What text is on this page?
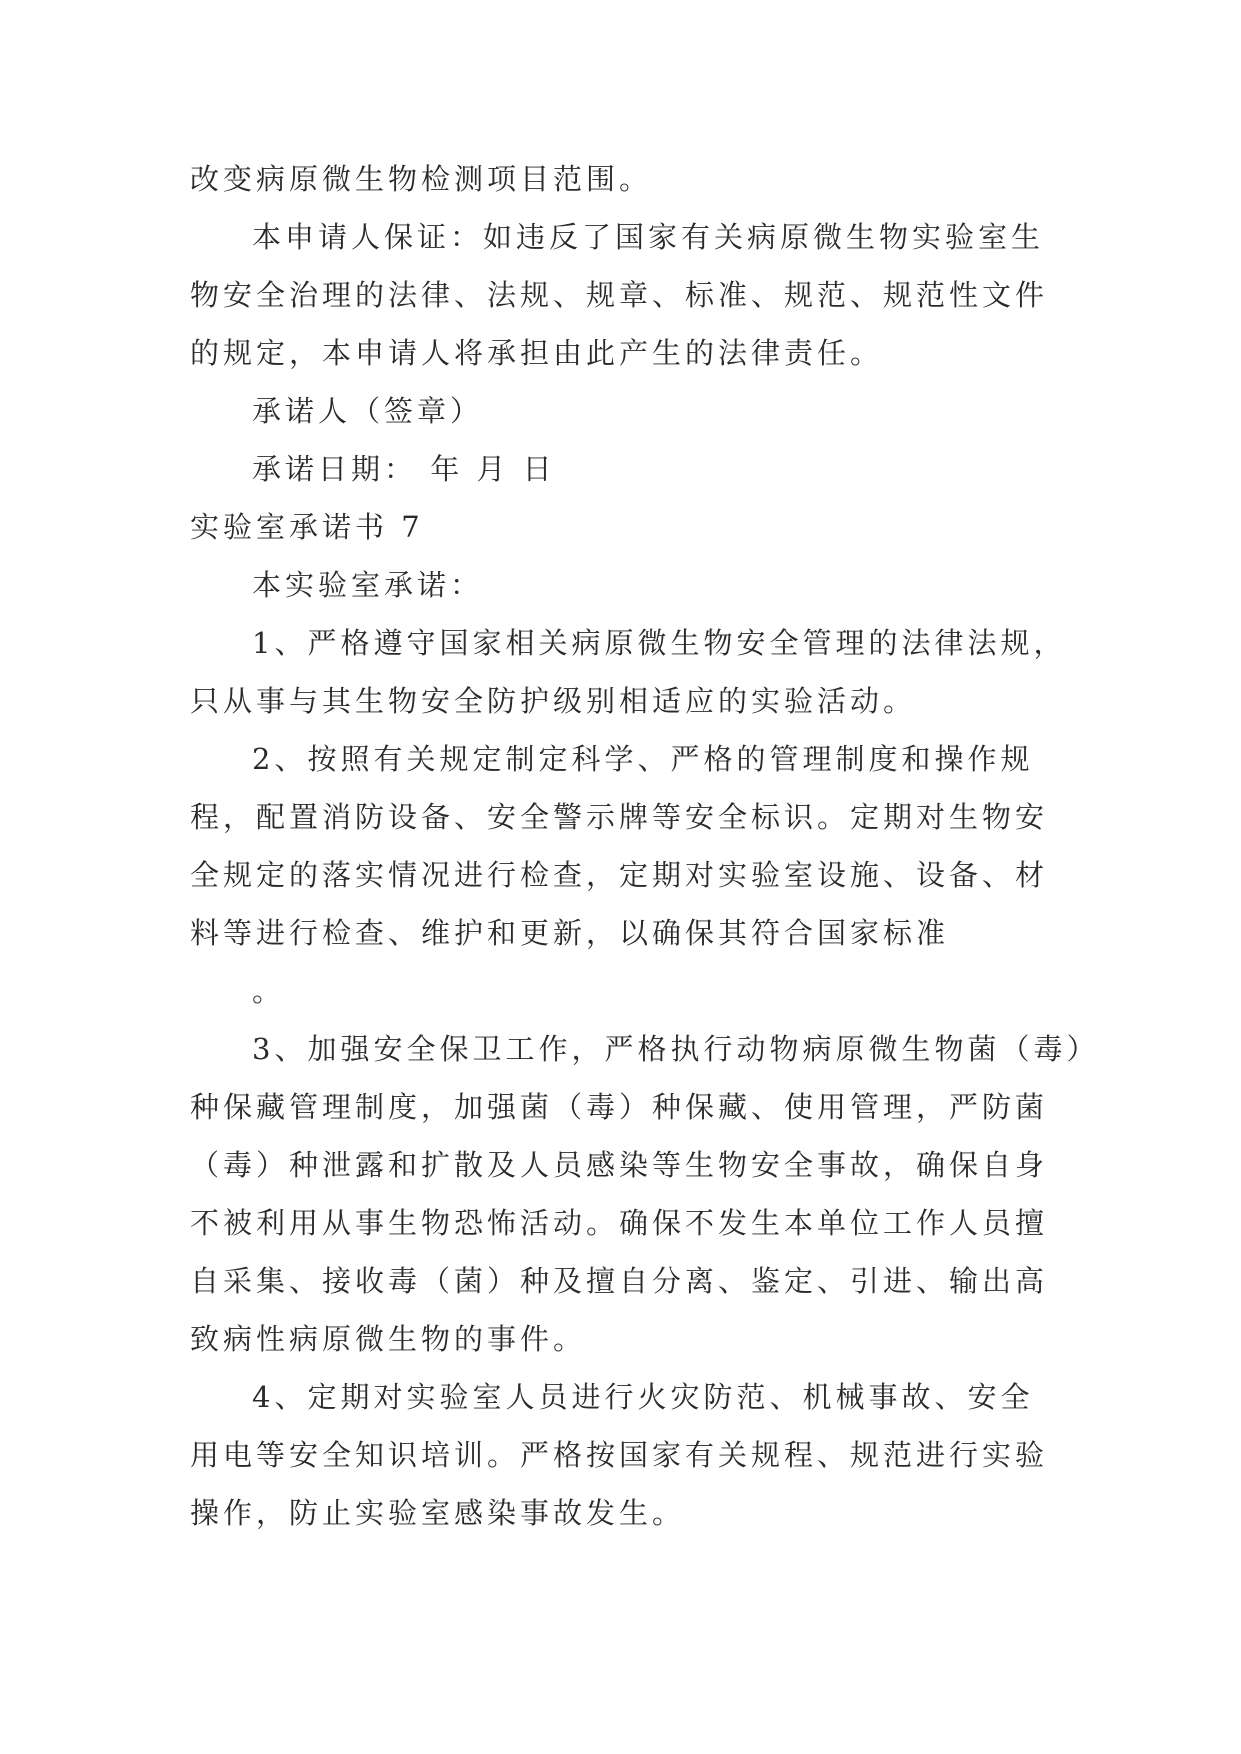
改变病原微生物检测项目范围。
本申请人保证：如违反了国家有关病原微生物实验室生
物安全治理的法律、法规、规章、标准、规范、规范性文件
的规定，本申请人将承担由此产生的法律责任。
承诺人（签章）
承诺日期： 年 月 日
实验室承诺书 7
本实验室承诺：
1、严格遵守国家相关病原微生物安全管理的法律法规，
只从事与其生物安全防护级别相适应的实验活动。
2、按照有关规定制定科学、严格的管理制度和操作规
程，配置消防设备、安全警示牌等安全标识。定期对生物安
全规定的落实情况进行检查，定期对实验室设施、设备、材
料等进行检查、维护和更新，以确保其符合国家标准
。
3、加强安全保卫工作，严格执行动物病原微生物菌（毒）
种保藏管理制度，加强菌（毒）种保藏、使用管理，严防菌
（毒）种泄露和扩散及人员感染等生物安全事故，确保自身
不被利用从事生物恐怖活动。确保不发生本单位工作人员擅
自采集、接收毒（菌）种及擅自分离、鉴定、引进、输出高
致病性病原微生物的事件。
4、定期对实验室人员进行火灾防范、机械事故、安全
用电等安全知识培训。严格按国家有关规程、规范进行实验
操作，防止实验室感染事故发生。
